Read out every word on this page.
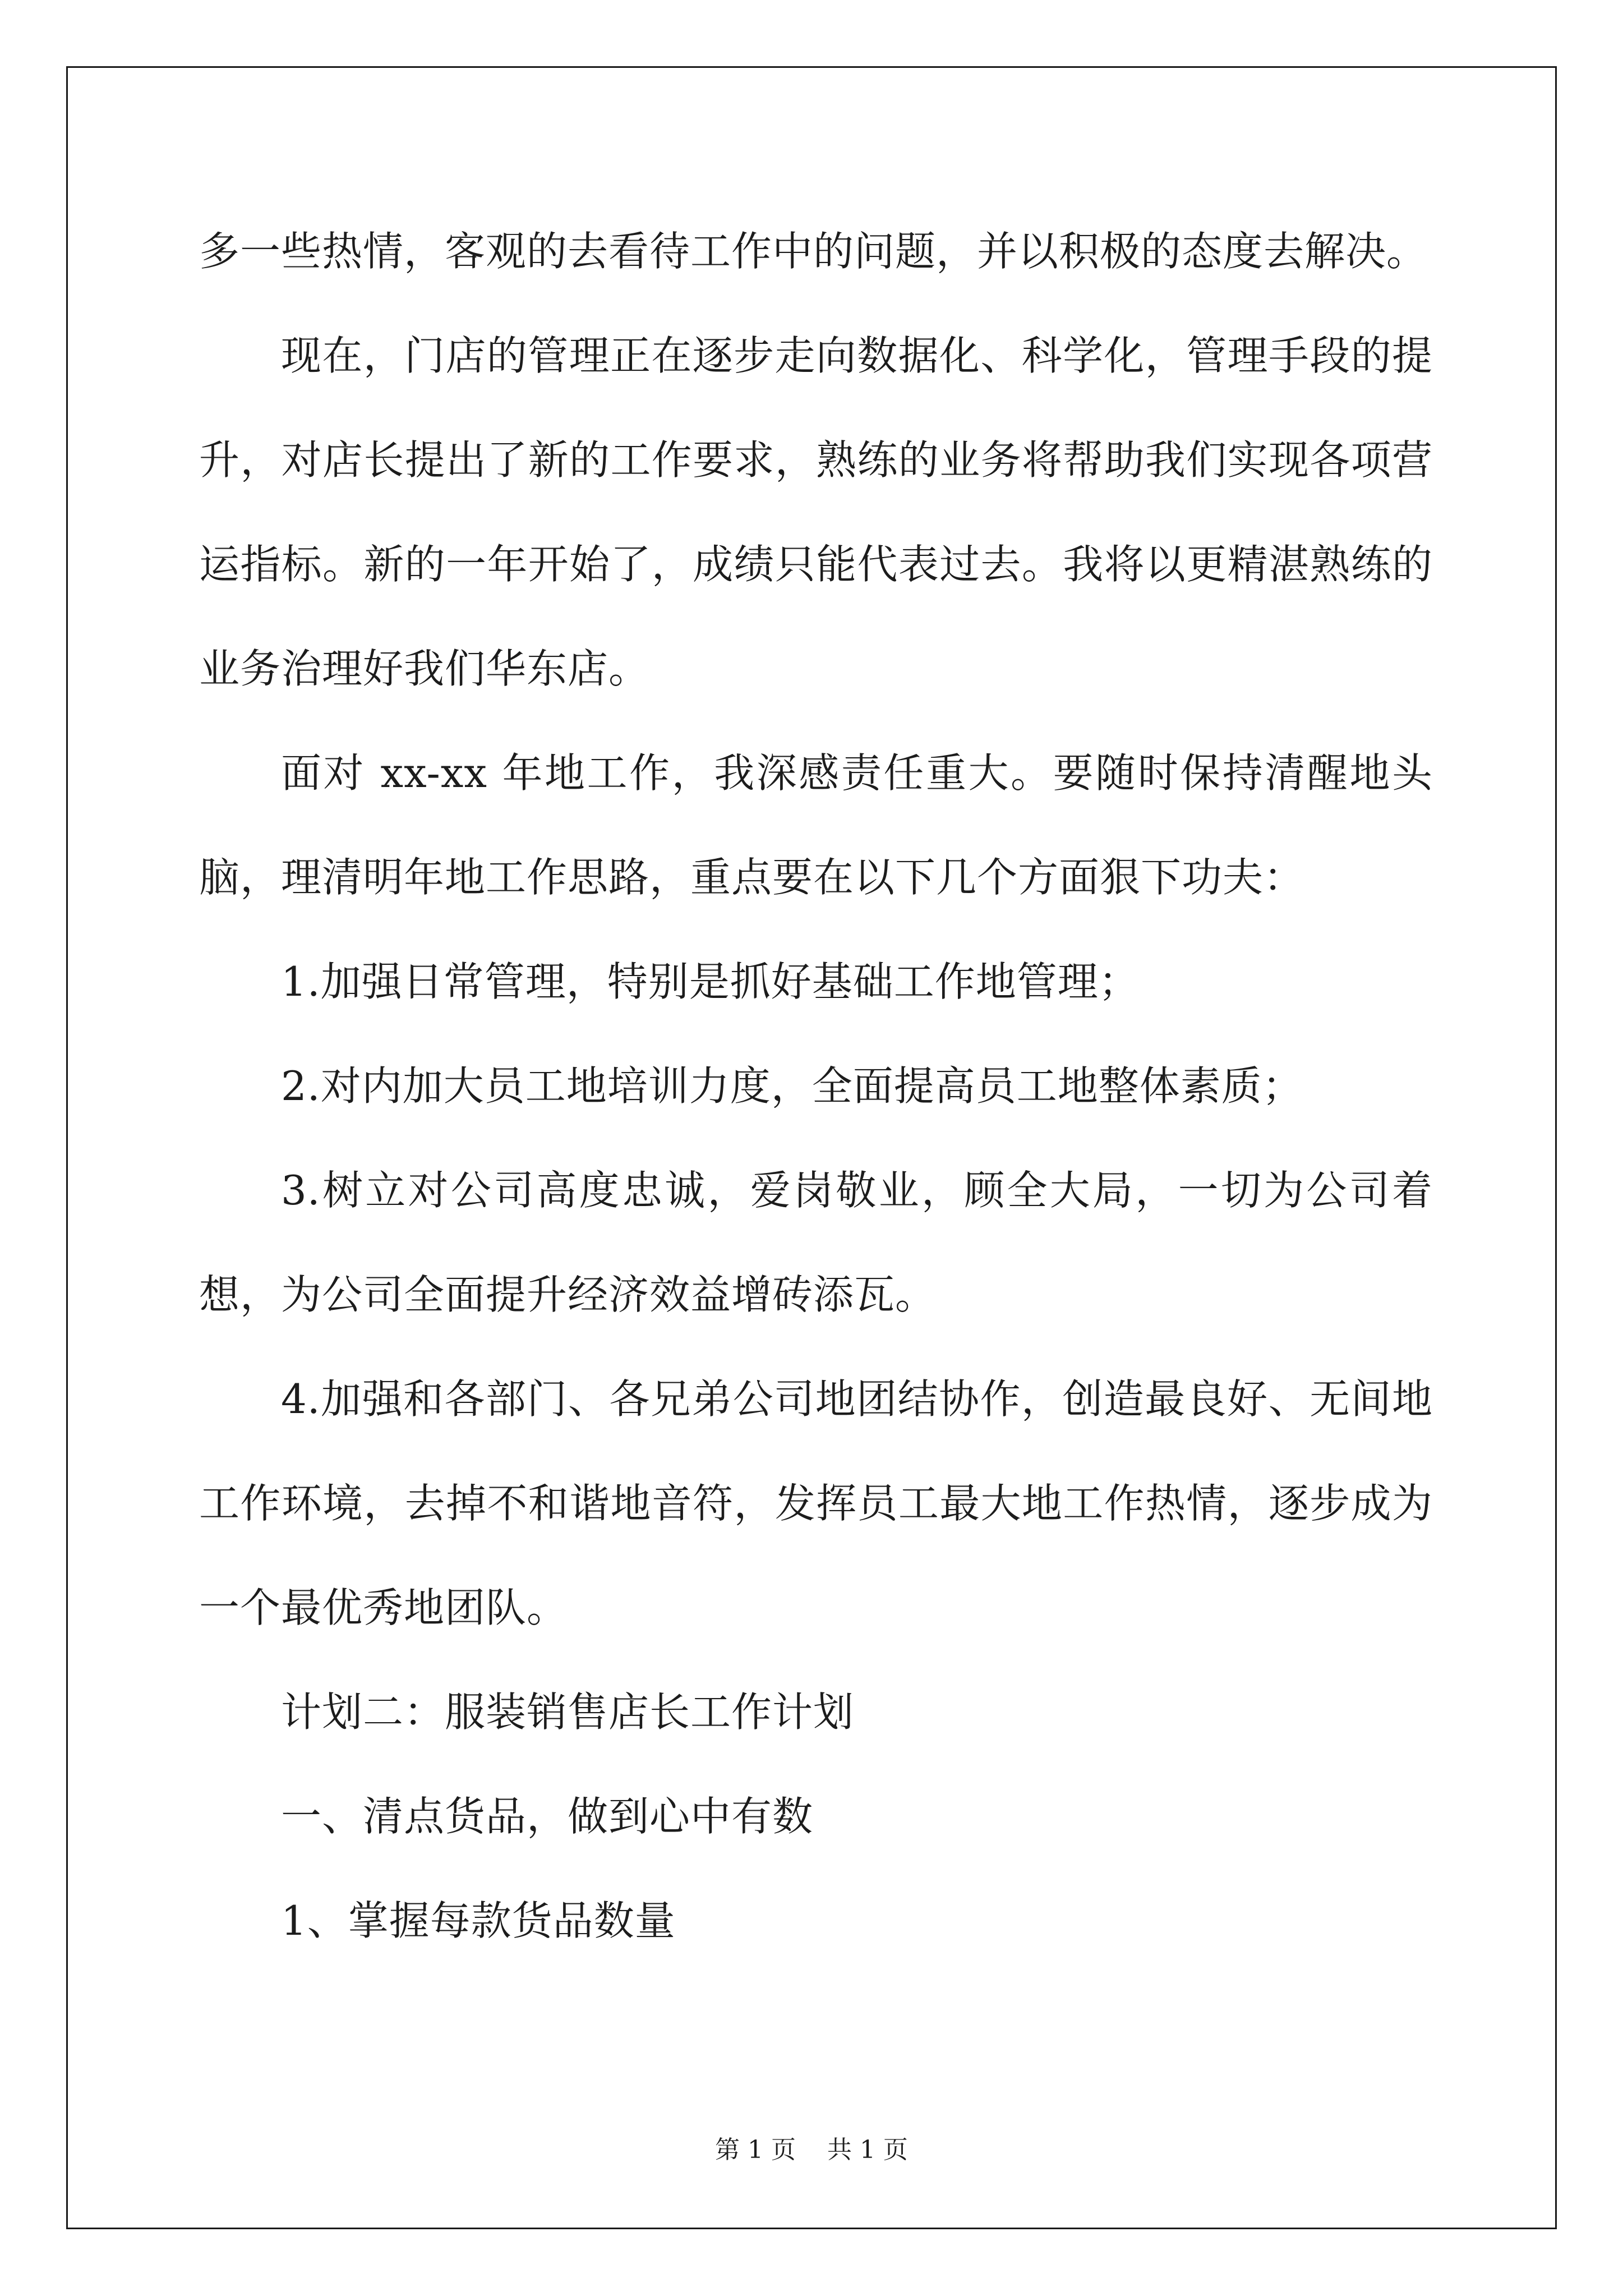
多一些热情，客观的去看待工作中的问题，并以积极的态度去解决。

现在，门店的管理正在逐步走向数据化、科学化，管理手段的提升，对店长提出了新的工作要求，熟练的业务将帮助我们实现各项营运指标。新的一年开始了，成绩只能代表过去。我将以更精湛熟练的业务治理好我们华东店。

面对 xx-xx 年地工作，我深感责任重大。要随时保持清醒地头脑，理清明年地工作思路，重点要在以下几个方面狠下功夫：

1.加强日常管理，特别是抓好基础工作地管理；

2.对内加大员工地培训力度，全面提高员工地整体素质；

3.树立对公司高度忠诚，爱岗敬业，顾全大局，一切为公司着想，为公司全面提升经济效益增砖添瓦。

4.加强和各部门、各兄弟公司地团结协作，创造最良好、无间地工作环境，去掉不和谐地音符，发挥员工最大地工作热情，逐步成为一个最优秀地团队。

计划二：服装销售店长工作计划

一、清点货品，做到心中有数

1、掌握每款货品数量

第 1 页    共 1 页
